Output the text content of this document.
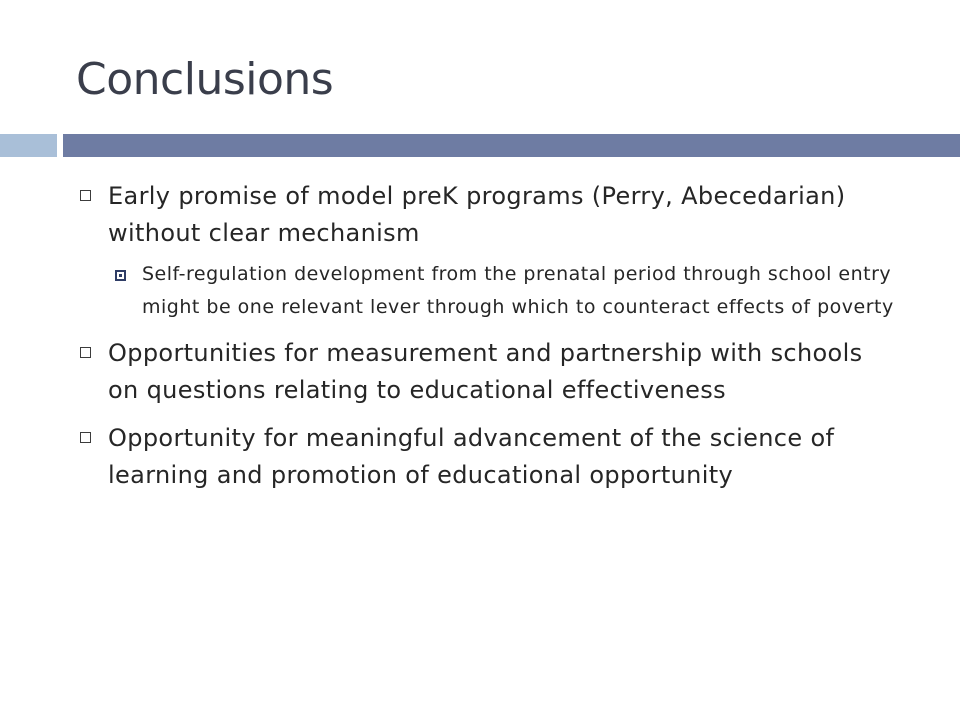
Conclusions
Early promise of model preK programs (Perry, Abecedarian) without clear mechanism
Self-regulation development from the prenatal period through school entry might be one relevant lever through which to counteract effects of poverty
Opportunities for measurement and partnership with schools on questions relating to educational effectiveness
Opportunity for meaningful advancement of the science of learning and promotion of educational opportunity
